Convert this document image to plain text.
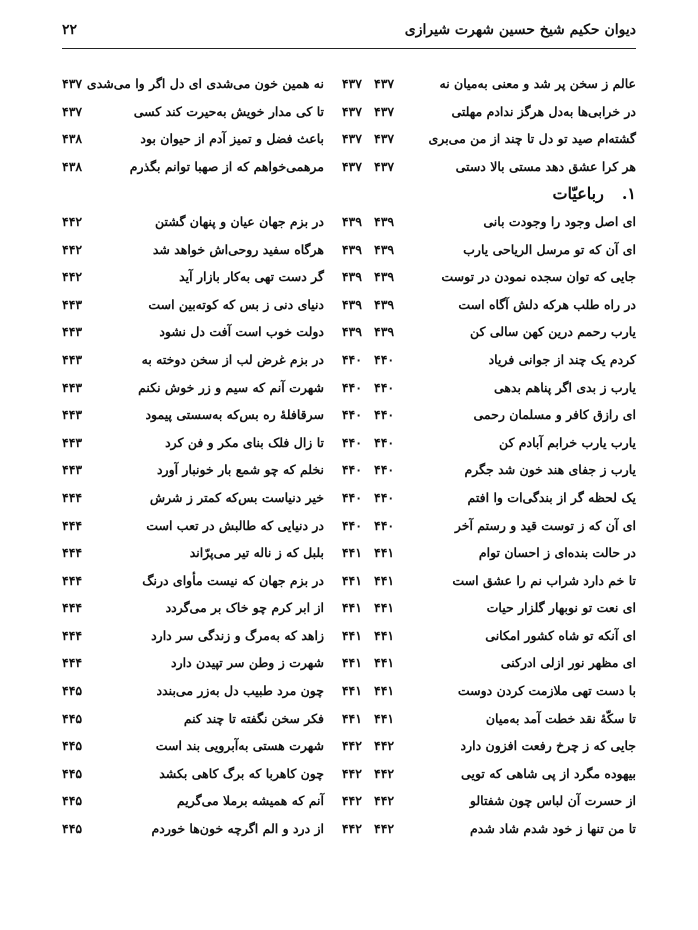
دیوان حکیم شیخ حسین شهرت شیرازی
۲۲
عالم ز سخن پر شد و معنی به‌میان نه
۴۳۷
در خرابی‌ها به‌دل هرگز ندادم مهلتی
۴۳۷
گشته‌ام صید تو دل تا چند از من می‌بری
۴۳۷
هر کرا عشق دهد مستی بالا دستی
۴۳۷
۱.رباعیّات
ای اصل وجود را وجودت بانی
۴۳۹
ای آن که تو مرسل الریاحی یارب
۴۳۹
جایی که توان سجده نمودن در توست
۴۳۹
در راه طلب هرکه دلش آگاه است
۴۳۹
یارب رحمم درین کهن سالی کن
۴۳۹
کردم یک چند از جوانی فریاد
۴۴۰
یارب ز بدی اگر پناهم بدهی
۴۴۰
ای رازق کافر و مسلمان رحمی
۴۴۰
یارب یارب خرابم آبادم کن
۴۴۰
یارب ز جفای هند خون شد جگرم
۴۴۰
یک لحظه گر از بندگی‌ات وا افتم
۴۴۰
ای آن که ز توست قید و رستم آخر
۴۴۰
در حالت بنده‌ای ز احسان توام
۴۴۱
تا خم دارد شراب نم را عشق است
۴۴۱
ای نعت تو نوبهار گلزار حیات
۴۴۱
ای آنکه تو شاه کشور امکانی
۴۴۱
ای مظهر نور ازلی ادرکنی
۴۴۱
با دست تهی ملازمت کردن دوست
۴۴۱
تا سکّهٔ نقد خطت آمد به‌میان
۴۴۱
جایی که ز چرخ رفعت افزون دارد
۴۴۲
بیهوده مگرد از پی شاهی که تویی
۴۴۲
از حسرت آن لباس چون شفتالو
۴۴۲
تا من تنها ز خود شدم شاد شدم
۴۴۲
۴۳۷
نه همین خون می‌شدی ای دل اگر وا می‌شدی
۴۳۷
۴۳۷
تا کی مدار خویش به‌حیرت کند کسی
۴۳۷
۴۳۷
باعث فضل و تمیز آدم از حیوان بود
۴۳۸
۴۳۷
مرهمی‌خواهم که از صهبا توانم بگذرم
۴۳۸
۴۳۹
در بزم جهان عیان و پنهان گشتن
۴۴۲
۴۳۹
هرگاه سفید روحی‌اش خواهد شد
۴۴۲
۴۳۹
گر دست تهی به‌کار بازار آید
۴۴۲
۴۳۹
دنیای دنی ز بس که کوته‌بین است
۴۴۳
۴۳۹
دولت خوب است آفت دل نشود
۴۴۳
۴۴۰
در بزم غرض لب از سخن دوخته به
۴۴۳
۴۴۰
شهرت آنم که سیم و زر خوش نکنم
۴۴۳
۴۴۰
سرقافلهٔ ره بس‌که به‌سستی پیمود
۴۴۳
۴۴۰
تا زال فلک بنای مکر و فن کرد
۴۴۳
۴۴۰
نخلم که چو شمع بار خونبار آورد
۴۴۳
۴۴۰
خیر دنیاست بس‌که کمتر ز شرش
۴۴۴
۴۴۰
در دنیایی که طالبش در تعب است
۴۴۴
۴۴۱
بلبل که ز ناله تیر می‌پرّاند
۴۴۴
۴۴۱
در بزم جهان که نیست مأوای درنگ
۴۴۴
۴۴۱
از ابر کرم چو خاک بر می‌گردد
۴۴۴
۴۴۱
زاهد که به‌مرگ و زندگی سر دارد
۴۴۴
۴۴۱
شهرت ز وطن سر تپیدن دارد
۴۴۴
۴۴۱
چون مرد طبیب دل به‌زر می‌بندد
۴۴۵
۴۴۱
فکر سخن نگفته تا چند کنم
۴۴۵
۴۴۲
شهرت هستی به‌آبرویی بند است
۴۴۵
۴۴۲
چون کاهربا که برگ کاهی بکشد
۴۴۵
۴۴۲
آنم که همیشه برملا می‌گریم
۴۴۵
۴۴۲
از درد و الم اگرچه خون‌ها خوردم
۴۴۵
